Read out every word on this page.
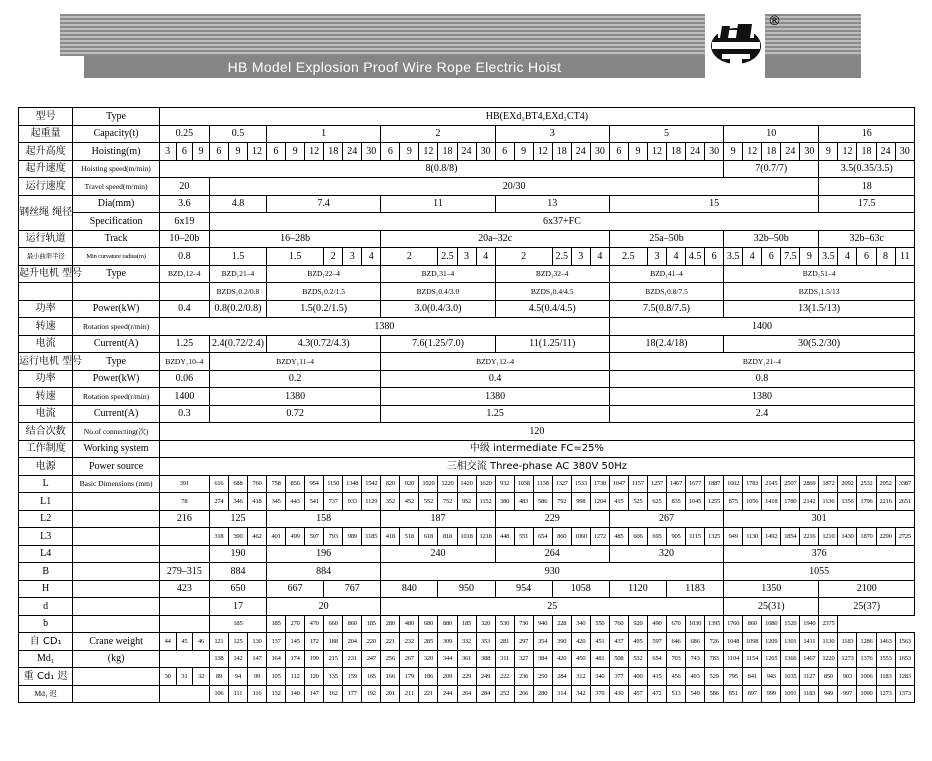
HB Model Explosion Proof Wire Rope Electric Hoist
®
型号	Type	HB(EXd₁BT4,EXd₁CT4)																																							
起重量	Capacity(t)	0.25			0.5			1						2						3						5						10					16				
起升高度	Hoisting(m)	3	6	9	6	9	12	6	9	12	18	24	30	6	9	12	18	24	30	6	9	12	18	24	30	6	9	12	18	24	30	9	12	18	24	30	9	12	18	24	30
起升速度	Hoisting speed(m/min)	8(0.8/8)																														7(0.7/7)					3.5(0.35/3.5)				
运行速度	Travel speed(m/min)	20			20/30																																18				
钢丝绳 绳径	Dia(mm)	3.6			4.8			7.4						11						13						15											17.5				
	Specification	6x19			6x37+FC																																				
运行轨道	Track	10–20b			16–28b									20a–32c												25a–50b						32b–50b					32b–63c				
最小曲率半径	Min curvature radius(m)	0.8			1.5			1.5			2	3	4	2			2.5	3	4	2			2.5	3	4	2.5		3	4	4.5	6	3.5	4	6	7.5	9	3.5	4	6	8	11
起升电机 型号	Type	BZD₁12–4			BZD₁21–4			BZD₁22–4						BZD₁31–4						BZD₁32–4						BZD₁41–4						BZD₁51–4									
					BZDS₁0.2/0.8			BZDS₁0.2/1.5						BZDS₁0.4/3.0						BZDS₁0.4/4.5						BZDS₁0.8/7.5						BZDS₁1.5/13									
功率	Power(kW)	0.4			0.8(0.2/0.8)			1.5(0.2/1.5)						3.0(0.4/3.0)						4.5(0.4/4.5)						7.5(0.8/7.5)						13(1.5/13)									
转速	Rotation speed(r/min)	1380																								1400															
电流	Current(A)	1.25			2.4(0.72/2.4)			4.3(0.72/4.3)						7.6(1.25/7.0)						11(1.25/11)						18(2.4/18)						30(5.2/30)									
运行电机 型号	Type	BZDY₁10–4			BZDY₁11–4									BZDY₁12–4												BZDY₁21–4															
功率	Power(kW)	0.06			0.2									0.4												0.8															
转速	Rotation speed(r/min)	1400			1380									1380												1380															
电流	Current(A)	0.3			0.72									1.25												2.4															
结合次数	No.of connecting(次)	120																																							
工作制度	Working system	中级 intermediate FC=25%																																							
电源	Power source	三相交流 Three-phase AC 380V 50Hz																																							
L	Basic Dimensions (mm)	391			616	688	760	758	856	954	1150	1348	1542	820	920	1020	1220	1420	1620	932	1038	1138	1327	1533	1738	1047	1157	1257	1467	1677	1887	1602	1783	2145	2507	2869	1872	2092	2532	2952	3387
L1		78			274	346	418	345	443	541	737	933	1129	352	452	552	752	952	1152	380	483	586	792	998	1204	415	525	625	835	1045	1255	875	1056	1418	1780	2142	1136	1356	1796	2216	2651
L2		216			125			158						187						229						267						301									
L3					318	390	462	401	499	597	793	989	1185	418	518	618	818	1018	1218	448	551	654	860	1060	1272	485	606	695	905	1115	1325	949	1130	1492	1854	2216	1210	1430	1870	2290	2725
L4					190			196						240						264						320						376									
B		279–315			884			884						930																		1055									
H		423			650			667			767			840			950			954			1058			1120			1183			1350					2100				
d					17			20						25																		25(31)					25(37)				
b					185			185	270	470	660	860	185	280	480	680	880	185	320	530	730	940	228	340	550	760	920	490	670	1030	1395	1760	860	1080	1520	1940	2375				
自 CD₁	Crane weight	44	45	46	121	125	130	137	145	172	188	204	220	221	232	285	309	332	353	281	297	354	390	420	451	437	495	597	646	686	726	1048	1098	1209	1301	1411	1130	1183	1286	1463	1563
Md₁	(kg)				138	142	147	164	174	199	215	231	247	256	267	320	344	361	388	311	327	384	420	450	481	508	532	654	703	743	783	1104	1154	1265	1366	1467	1220	1273	1376	1553	1653
重 Cd₁ 迟		30	31	32	89	94	99	105	112	120	135	159	165	166	179	186	209	229	249	222	236	250	284	312	340	377	400	415	456	493	529	795	841	943	1035	1127	850	903	1006	1183	1283
Md₁ 迟					106	111	116	132	140	147	162	177	192	201	211	221	244	264	284	252	266	280	314	342	370	430	457	472	513	549	586	851	897	999	1091	1183	949	997	1090	1273	1373
